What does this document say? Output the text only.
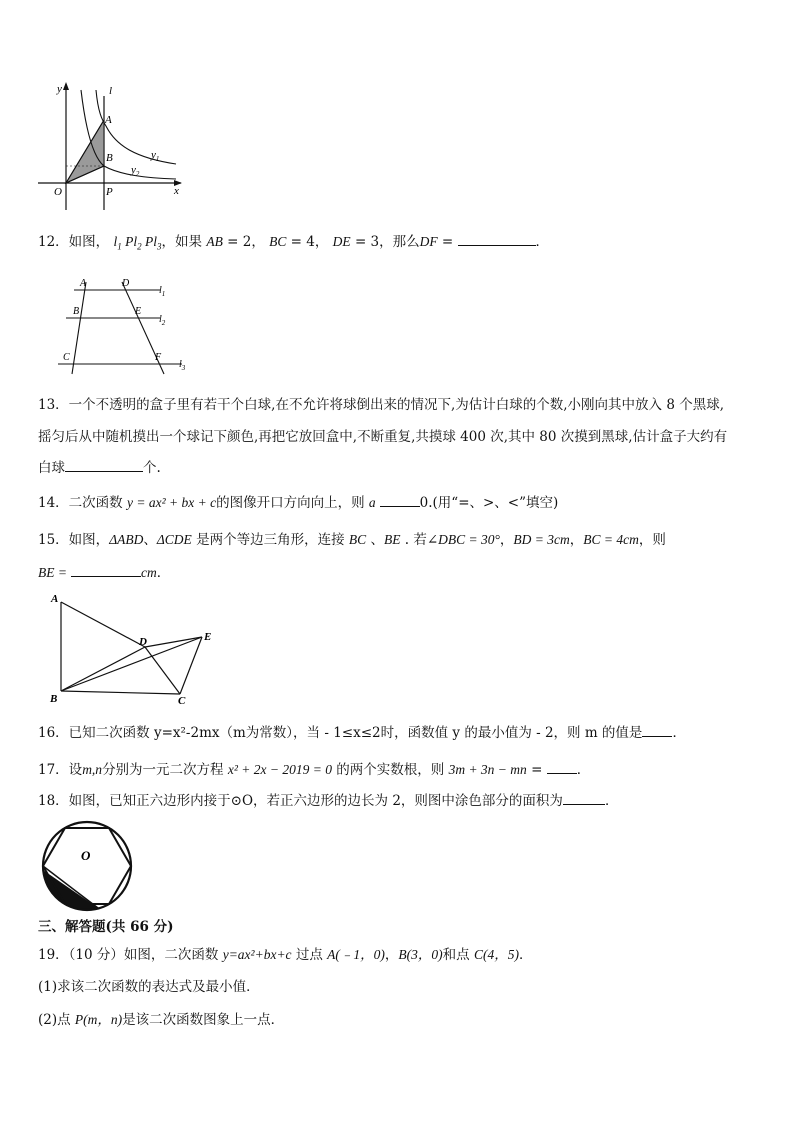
y	l
A
B	$y_1$
$y_2$
O	P	x
12．如图， $l_1$ $Pl_2$ $Pl_3$，如果 AB = 2， BC = 4， DE = 3，那么DF =	．
A	D
B	E
C	F
$l_1$
$l_2$
$l_3$
13．一个不透明的盒子里有若干个白球,在不允许将球倒出来的情况下,为估计白球的个数,小刚向其中放入 8 个黑球,
摇匀后从中随机摸出一个球记下颜色,再把它放回盒中,不断重复,共摸球 400 次,其中 80 次摸到黑球,估计盒子大约有
白球	个.
14．二次函数 y = ax² + bx + c的图像开口方向向上，则 a	0.(用“=、>、<”填空)
15．如图，ΔABD、ΔCDE 是两个等边三角形，连接 BC 、BE . 若∠DBC = 30°，BD = 3cm，BC = 4cm，则
BE =	cm．
A
D	E
B	C
16．已知二次函数 y=x²-2mx（m为常数），当 - 1≤x≤2时，函数值 y 的最小值为 - 2，则 m 的值是 ．
17．设m,n分别为一元二次方程 x² + 2x − 2019 = 0 的两个实数根，则 3m + 3n − mn = ．
18．如图，已知正六边形内接于⊙O，若正六边形的边长为 2，则图中涂色部分的面积为	．
O
三、解答题(共 66 分)
19．（10 分）如图，二次函数 y=ax²+bx+c 过点 A(﹣1，0)，B(3，0)和点 C(4，5)．
(1)求该二次函数的表达式及最小值．
(2)点 P(m，n)是该二次函数图象上一点．
